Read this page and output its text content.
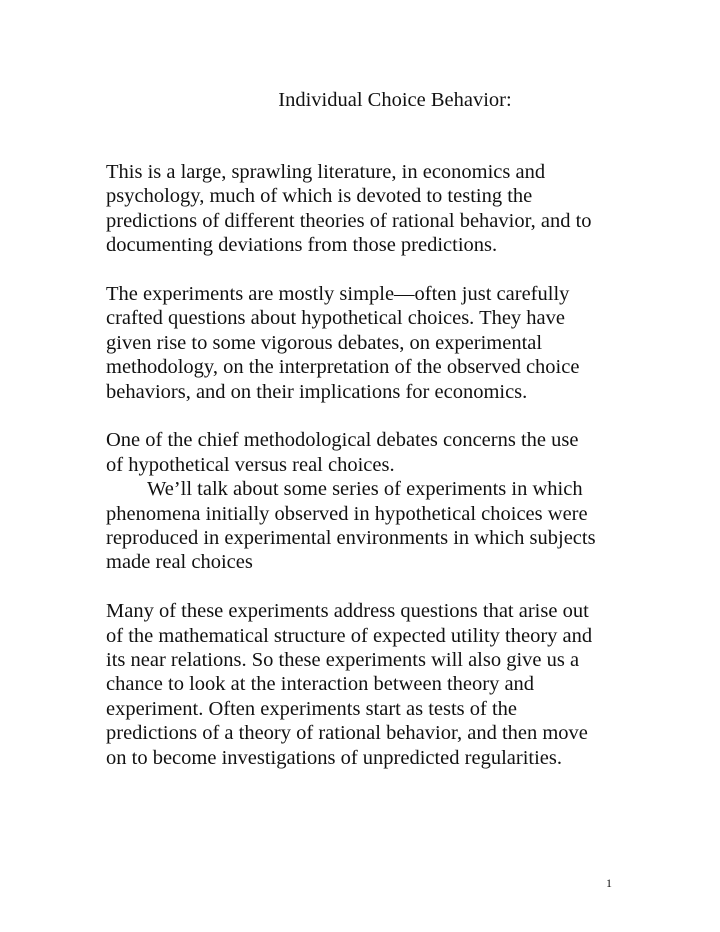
Individual Choice Behavior:

This is a large, sprawling literature, in economics and
psychology, much of which is devoted to testing the
predictions of different theories of rational behavior, and to
documenting deviations from those predictions.

The experiments are mostly simple—often just carefully
crafted questions about hypothetical choices. They have
given rise to some vigorous debates, on experimental
methodology, on the interpretation of the observed choice
behaviors, and on their implications for economics.

One of the chief methodological debates concerns the use
of hypothetical versus real choices.

We’ll talk about some series of experiments in which
phenomena initially observed in hypothetical choices were
reproduced in experimental environments in which subjects
made real choices

Many of these experiments address questions that arise out
of the mathematical structure of expected utility theory and
its near relations. So these experiments will also give us a
chance to look at the interaction between theory and
experiment. Often experiments start as tests of the
predictions of a theory of rational behavior, and then move
on to become investigations of unpredicted regularities.

1
